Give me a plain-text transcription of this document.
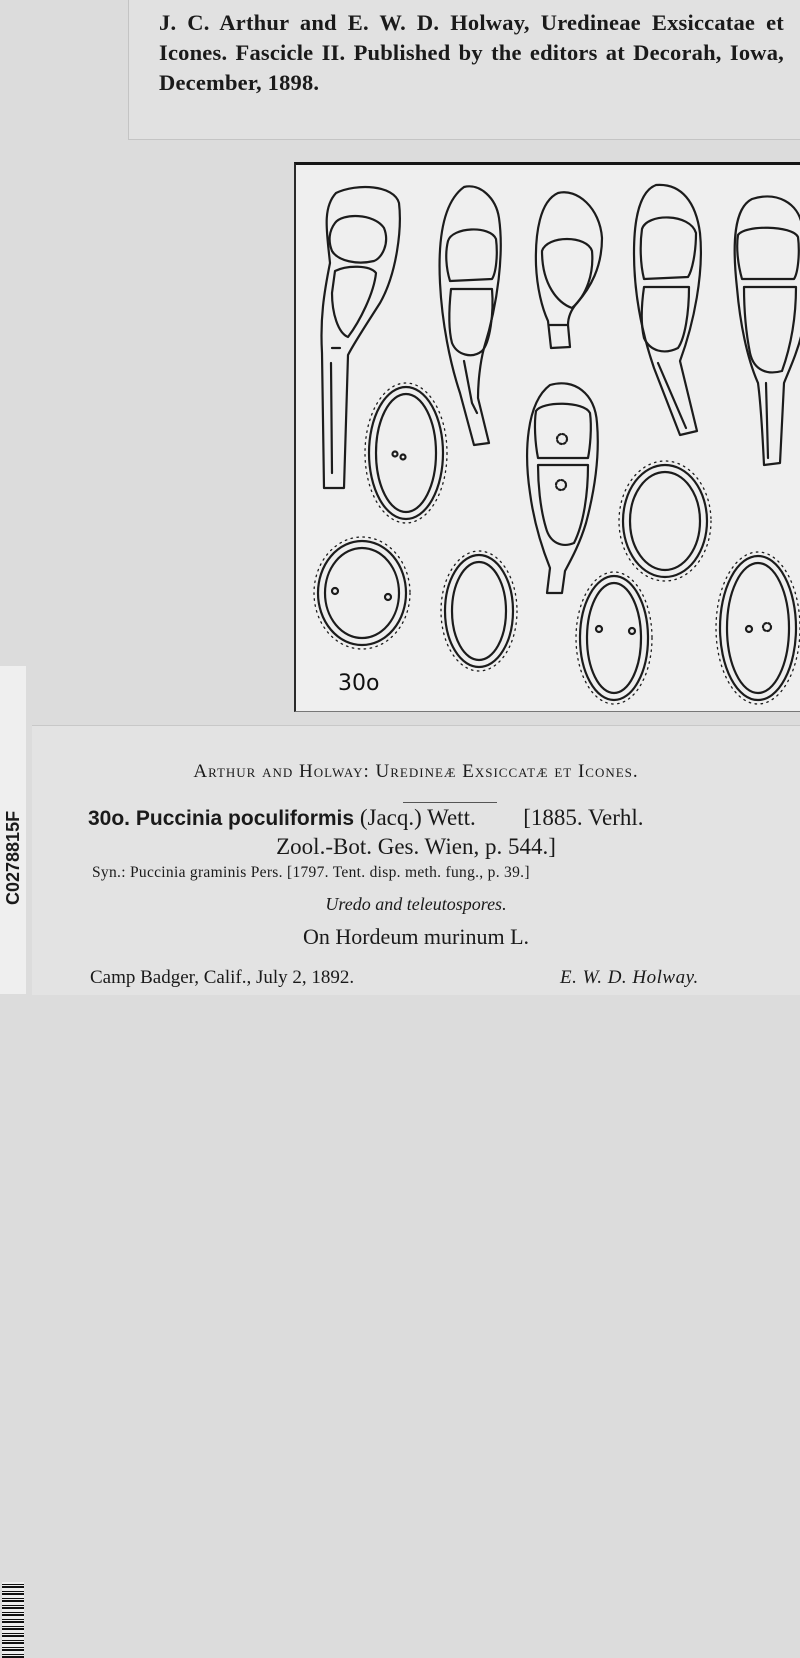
J. C. Arthur and E. W. D. Holway, Uredineae Exsiccatae et Icones. Fascicle II. Published by the editors at Decorah, Iowa, December, 1898.

C0278815F
30o
Arthur and Holway: Uredineæ Exsiccatæ et Icones.
30o. Puccinia poculiformis (Jacq.) Wett. [1885. Verhl.
Zool.-Bot. Ges. Wien, p. 544.]
Syn.: Puccinia graminis Pers. [1797. Tent. disp. meth. fung., p. 39.]
Uredo and teleutospores.
On Hordeum murinum L.
Camp Badger, Calif., July 2, 1892.	E. W. D. Holway.
